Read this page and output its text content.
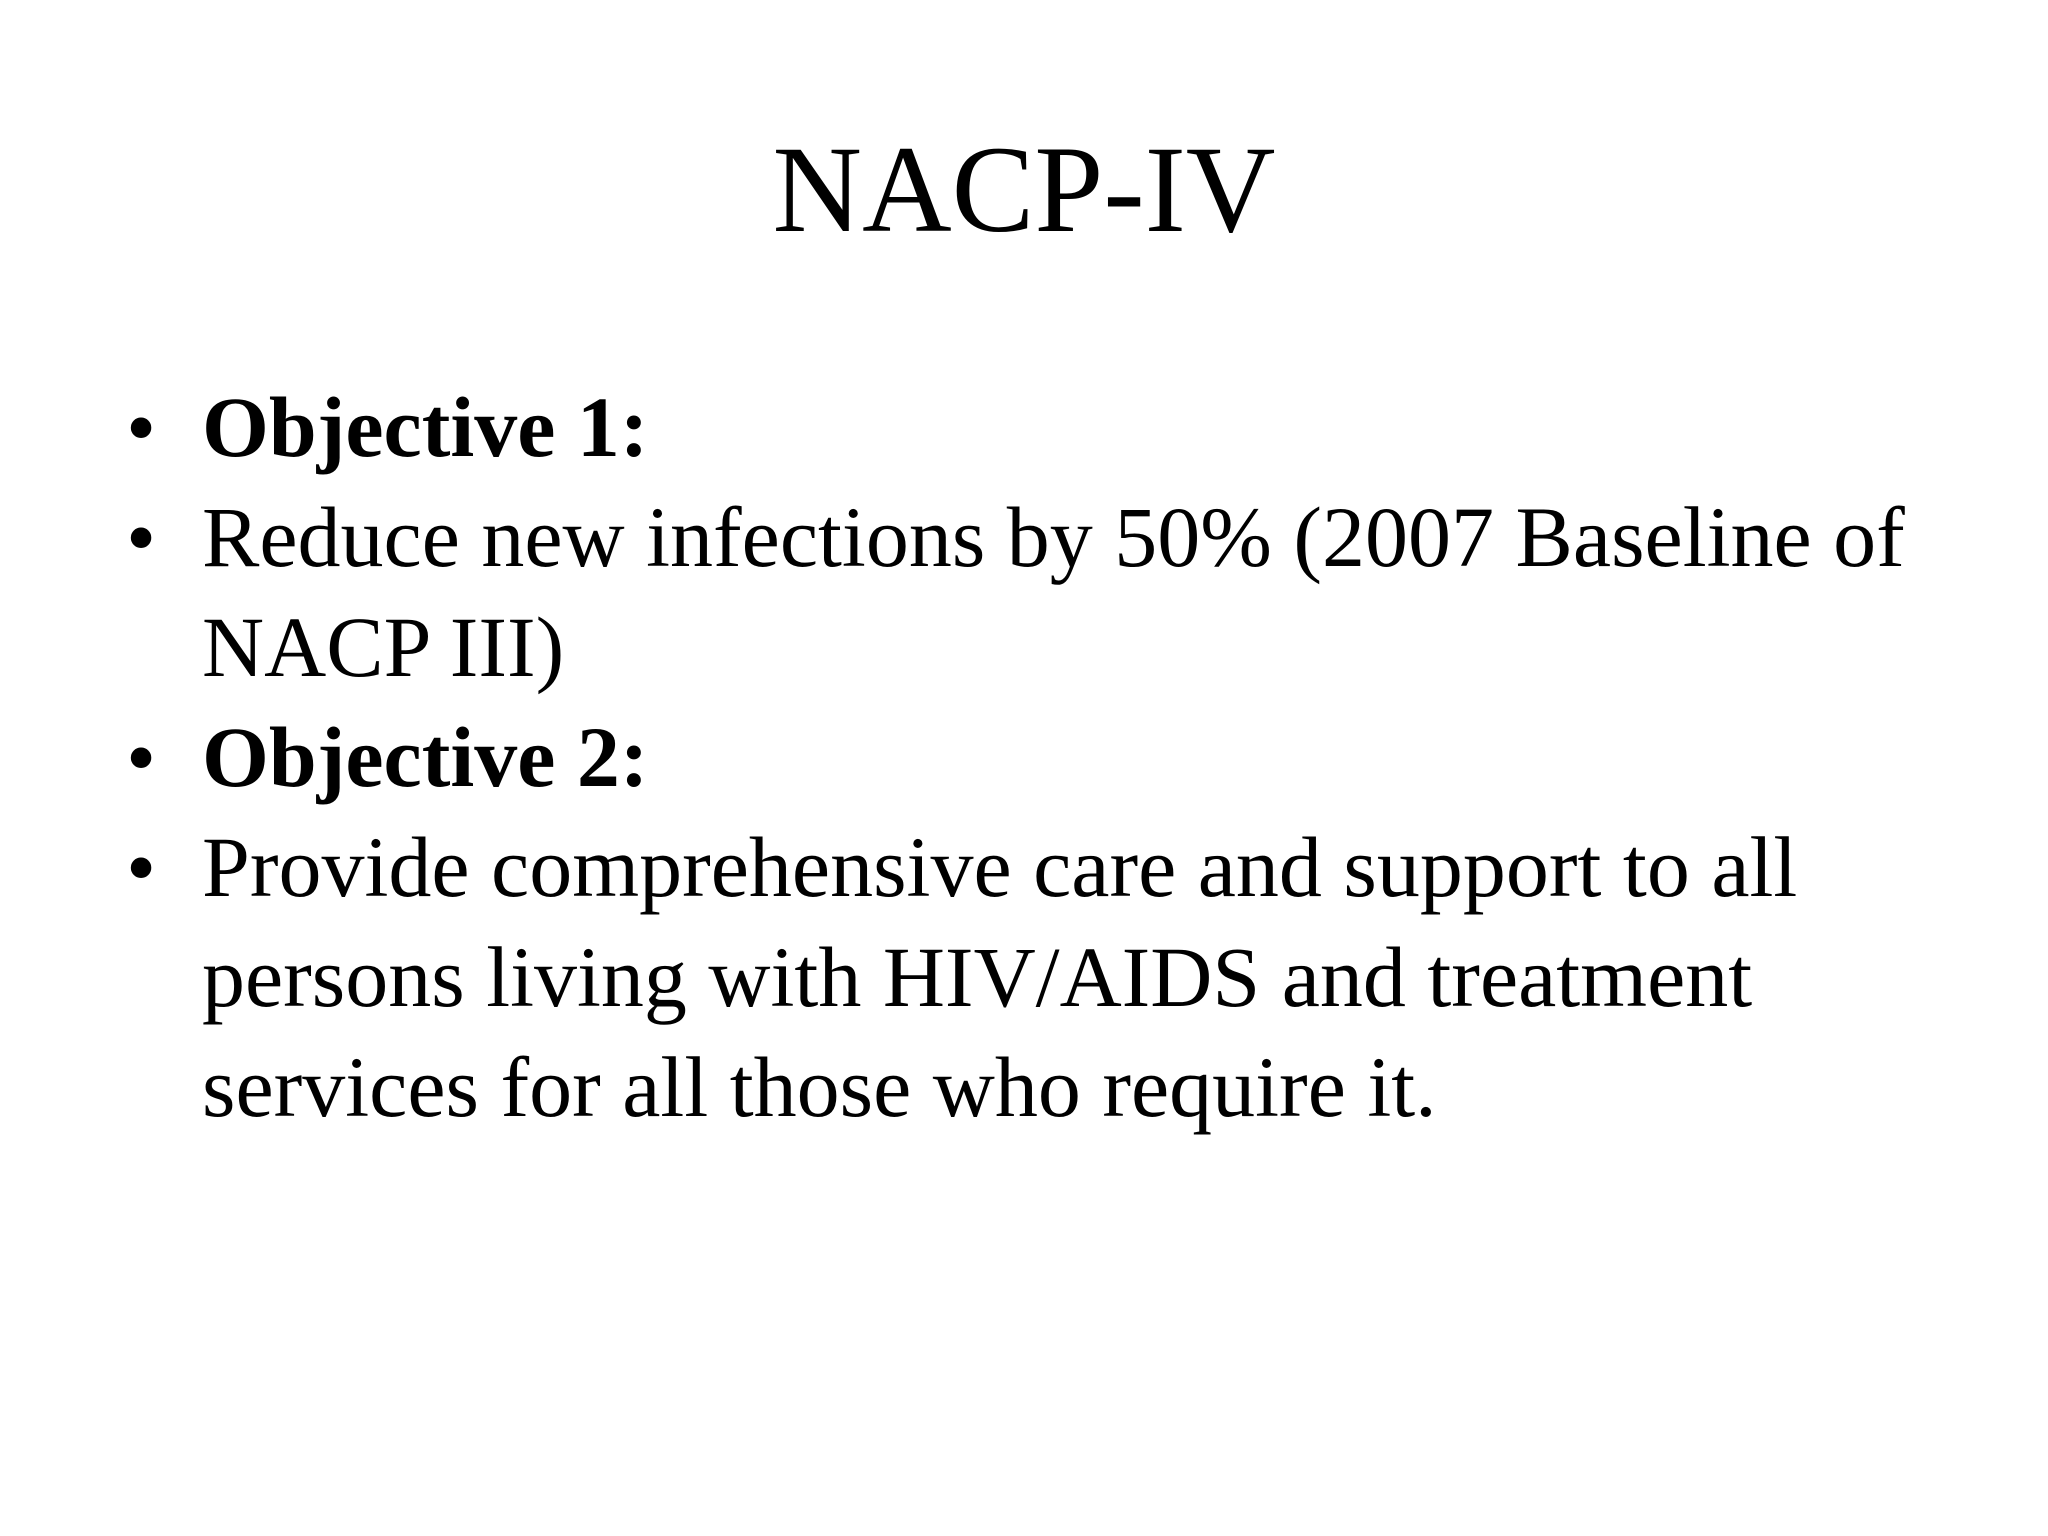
NACP-IV
• Objective 1:
• Reduce new infections by 50% (2007 Baseline of NACP III)
• Objective 2:
• Provide comprehensive care and support to all persons living with HIV/AIDS and treatment services for all those who require it.
